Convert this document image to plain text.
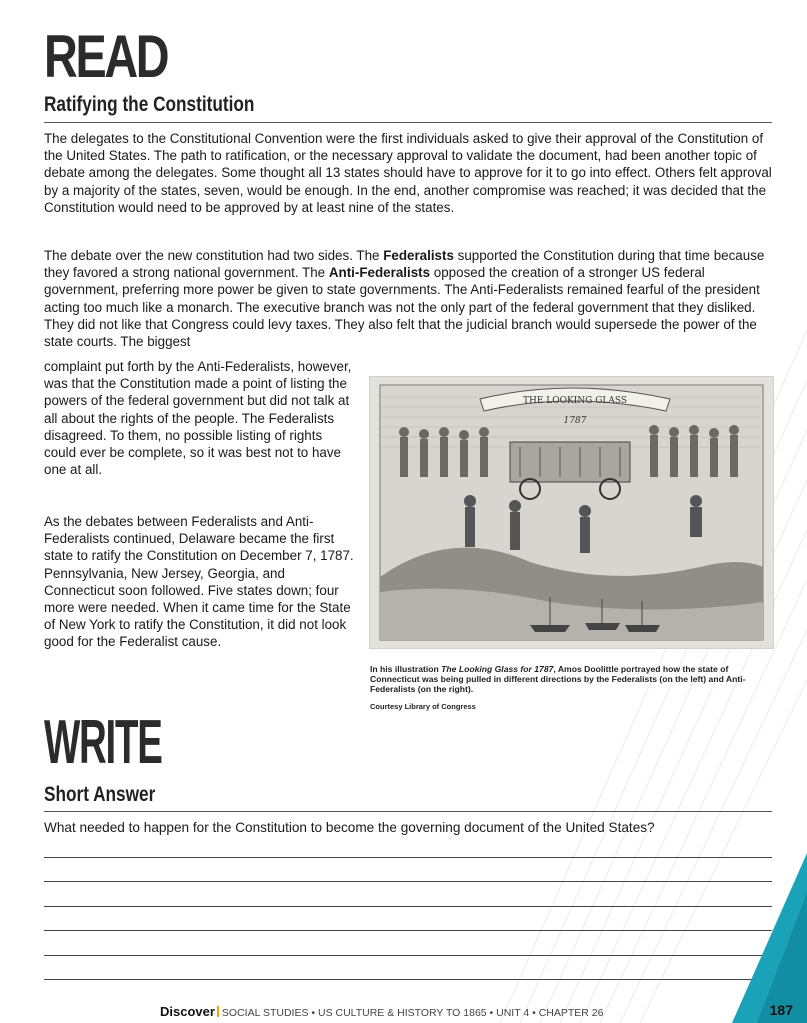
READ
Ratifying the Constitution

The delegates to the Constitutional Convention were the first individuals asked to give their approval of the Constitution of the United States. The path to ratification, or the necessary approval to validate the document, had been another topic of debate among the delegates. Some thought all 13 states should have to approve for it to go into effect. Others felt approval by a majority of the states, seven, would be enough. In the end, another compromise was reached; it was decided that the Constitution would need to be approved by at least nine of the states.

The debate over the new constitution had two sides. The Federalists supported the Constitution during that time because they favored a strong national government. The Anti-Federalists opposed the creation of a stronger US federal government, preferring more power be given to state governments. The Anti-Federalists remained fearful of the president acting too much like a monarch. The executive branch was not the only part of the federal government that they disliked. They did not like that Congress could levy taxes. They also felt that the judicial branch would supersede the power of the state courts. The biggest

complaint put forth by the Anti-Federalists, however, was that the Constitution made a point of listing the powers of the federal government but did not talk at all about the rights of the people. The Federalists disagreed. To them, no possible listing of rights could ever be complete, so it was best not to have one at all.

As the debates between Federalists and Anti-Federalists continued, Delaware became the first state to ratify the Constitution on December 7, 1787. Pennsylvania, New Jersey, Georgia, and Connecticut soon followed. Five states down; four more were needed. When it came time for the State of New York to ratify the Constitution, it did not look good for the Federalist cause.

THE LOOKING GLASS
1787
In his illustration The Looking Glass for 1787, Amos Doolittle portrayed how the state of Connecticut was being pulled in different directions by the Federalists (on the left) and Anti-Federalists (on the right).
Courtesy Library of Congress
WRITE
Short Answer
What needed to happen for the Constitution to become the governing document of the United States?
Discover SOCIAL STUDIES • US CULTURE & HISTORY TO 1865 • UNIT 4 • CHAPTER 26	187
